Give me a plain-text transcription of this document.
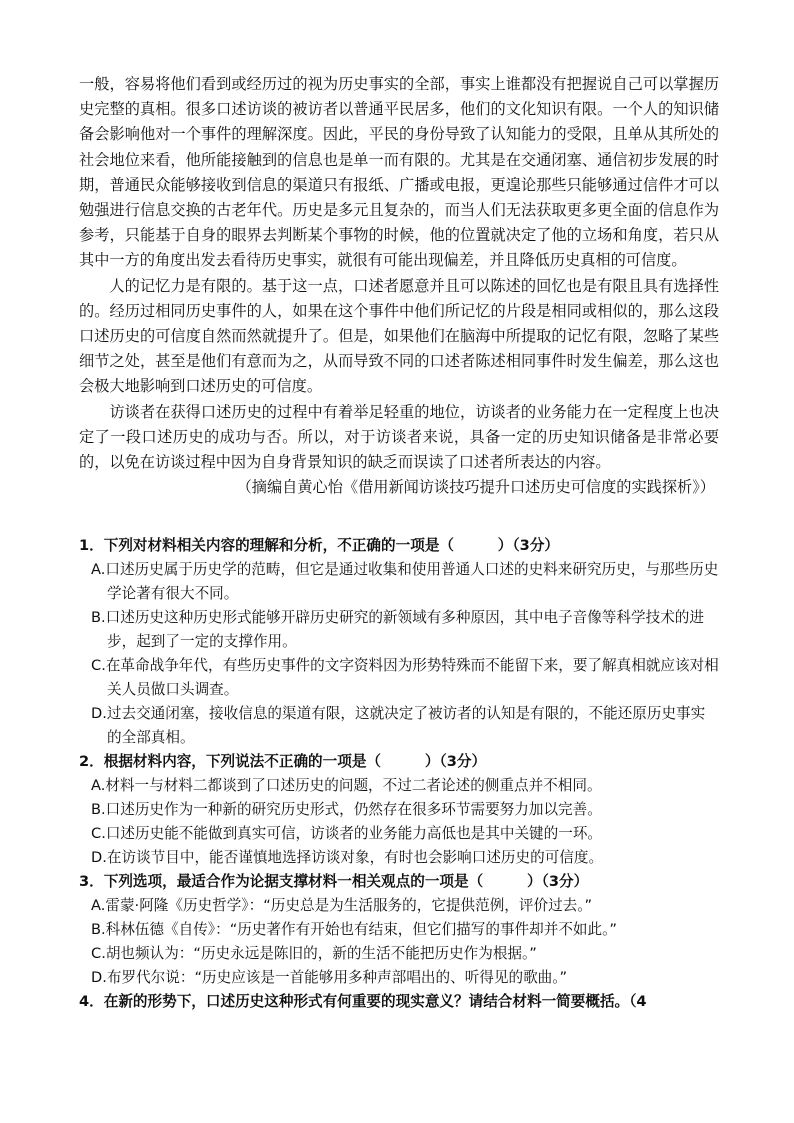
一般，容易将他们看到或经历过的视为历史事实的全部，事实上谁都没有把握说自己可以掌握历史完整的真相。很多口述访谈的被访者以普通平民居多，他们的文化知识有限。一个人的知识储备会影响他对一个事件的理解深度。因此，平民的身份导致了认知能力的受限，且单从其所处的社会地位来看，他所能接触到的信息也是单一而有限的。尤其是在交通闭塞、通信初步发展的时期，普通民众能够接收到信息的渠道只有报纸、广播或电报，更遑论那些只能够通过信件才可以勉强进行信息交换的古老年代。历史是多元且复杂的，而当人们无法获取更多更全面的信息作为参考，只能基于自身的眼界去判断某个事物的时候，他的位置就决定了他的立场和角度，若只从其中一方的角度出发去看待历史事实，就很有可能出现偏差，并且降低历史真相的可信度。

人的记忆力是有限的。基于这一点，口述者愿意并且可以陈述的回忆也是有限且具有选择性的。经历过相同历史事件的人，如果在这个事件中他们所记忆的片段是相同或相似的，那么这段口述历史的可信度自然而然就提升了。但是，如果他们在脑海中所提取的记忆有限，忽略了某些细节之处，甚至是他们有意而为之，从而导致不同的口述者陈述相同事件时发生偏差，那么这也会极大地影响到口述历史的可信度。

访谈者在获得口述历史的过程中有着举足轻重的地位，访谈者的业务能力在一定程度上也决定了一段口述历史的成功与否。所以，对于访谈者来说，具备一定的历史知识储备是非常必要的，以免在访谈过程中因为自身背景知识的缺乏而误读了口述者所表达的内容。

（摘编自黄心怡《借用新闻访谈技巧提升口述历史可信度的实践探析》）

1．下列对材料相关内容的理解和分析，不正确的一项是（　　　）（3分）

A.口述历史属于历史学的范畴，但它是通过收集和使用普通人口述的史料来研究历史，与那些历史学论著有很大不同。

B.口述历史这种历史形式能够开辟历史研究的新领域有多种原因，其中电子音像等科学技术的进步，起到了一定的支撑作用。

C.在革命战争年代，有些历史事件的文字资料因为形势特殊而不能留下来，要了解真相就应该对相关人员做口头调查。

D.过去交通闭塞，接收信息的渠道有限，这就决定了被访者的认知是有限的，不能还原历史事实的全部真相。

2．根据材料内容，下列说法不正确的一项是（　　　）（3分）

A.材料一与材料二都谈到了口述历史的问题，不过二者论述的侧重点并不相同。

B.口述历史作为一种新的研究历史形式，仍然存在很多环节需要努力加以完善。

C.口述历史能不能做到真实可信，访谈者的业务能力高低也是其中关键的一环。

D.在访谈节目中，能否谨慎地选择访谈对象，有时也会影响口述历史的可信度。

3．下列选项，最适合作为论据支撑材料一相关观点的一项是（　　　）（3分）

A.雷蒙·阿隆《历史哲学》：“历史总是为生活服务的，它提供范例，评价过去。”

B.科林伍德《自传》：“历史著作有开始也有结束，但它们描写的事件却并不如此。”

C.胡也频认为：“历史永远是陈旧的，新的生活不能把历史作为根据。”

D.布罗代尔说：“历史应该是一首能够用多种声部唱出的、听得见的歌曲。”

4．在新的形势下，口述历史这种形式有何重要的现实意义？请结合材料一简要概括。（4
